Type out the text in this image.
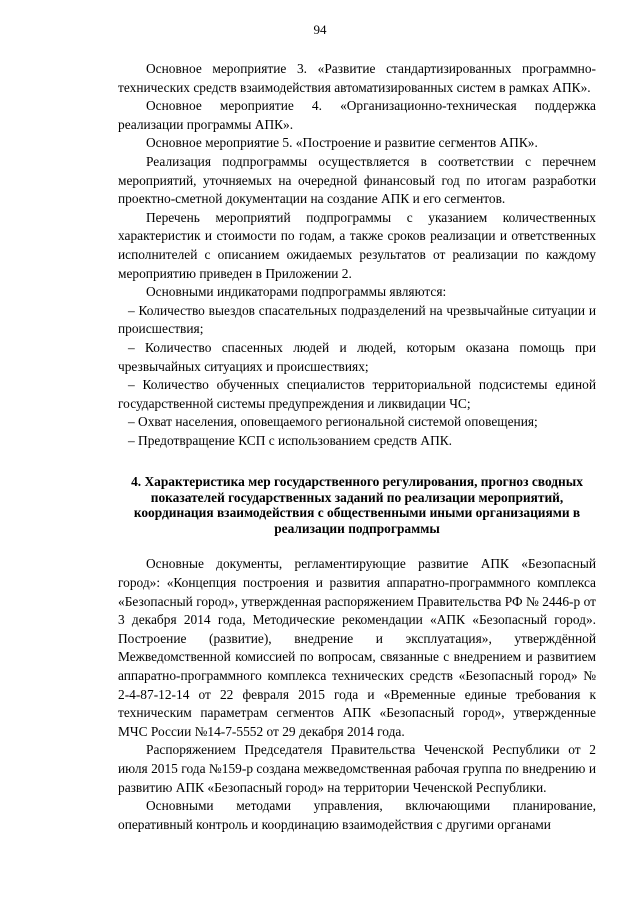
94

Основное мероприятие 3. «Развитие стандартизированных программно-технических средств взаимодействия автоматизированных систем в рамках АПК».

Основное мероприятие 4. «Организационно-техническая поддержка реализации программы АПК».

Основное мероприятие 5. «Построение и развитие сегментов АПК».

Реализация подпрограммы осуществляется в соответствии с перечнем мероприятий, уточняемых на очередной финансовый год по итогам разработки проектно-сметной документации на создание АПК и его сегментов.

Перечень мероприятий подпрограммы с указанием количественных характеристик и стоимости по годам, а также сроков реализации и ответственных исполнителей с описанием ожидаемых результатов от реализации по каждому мероприятию приведен в Приложении 2.

Основными индикаторами подпрограммы являются:

– Количество выездов спасательных подразделений на чрезвычайные ситуации и происшествия;

– Количество спасенных людей и людей, которым оказана помощь при чрезвычайных ситуациях и происшествиях;

– Количество обученных специалистов территориальной подсистемы единой государственной системы предупреждения и ликвидации ЧС;

– Охват населения, оповещаемого региональной системой оповещения;

– Предотвращение КСП с использованием средств АПК.

4. Характеристика мер государственного регулирования, прогноз сводных показателей государственных заданий по реализации мероприятий, координация взаимодействия с общественными иными организациями в реализации подпрограммы

Основные документы, регламентирующие развитие АПК «Безопасный город»: «Концепция построения и развития аппаратно-программного комплекса «Безопасный город», утвержденная распоряжением Правительства РФ № 2446-р от 3 декабря 2014 года, Методические рекомендации «АПК «Безопасный город». Построение (развитие), внедрение и эксплуатация», утверждённой Межведомственной комиссией по вопросам, связанные с внедрением и развитием аппаратно-программного комплекса технических средств «Безопасный город» № 2-4-87-12-14 от 22 февраля 2015 года и «Временные единые требования к техническим параметрам сегментов АПК «Безопасный город», утвержденные МЧС России №14-7-5552 от 29 декабря 2014 года.

Распоряжением Председателя Правительства Чеченской Республики от 2 июля 2015 года №159-р создана межведомственная рабочая группа по внедрению и развитию АПК «Безопасный город» на территории Чеченской Республики.

Основными методами управления, включающими планирование, оперативный контроль и координацию взаимодействия с другими органами
